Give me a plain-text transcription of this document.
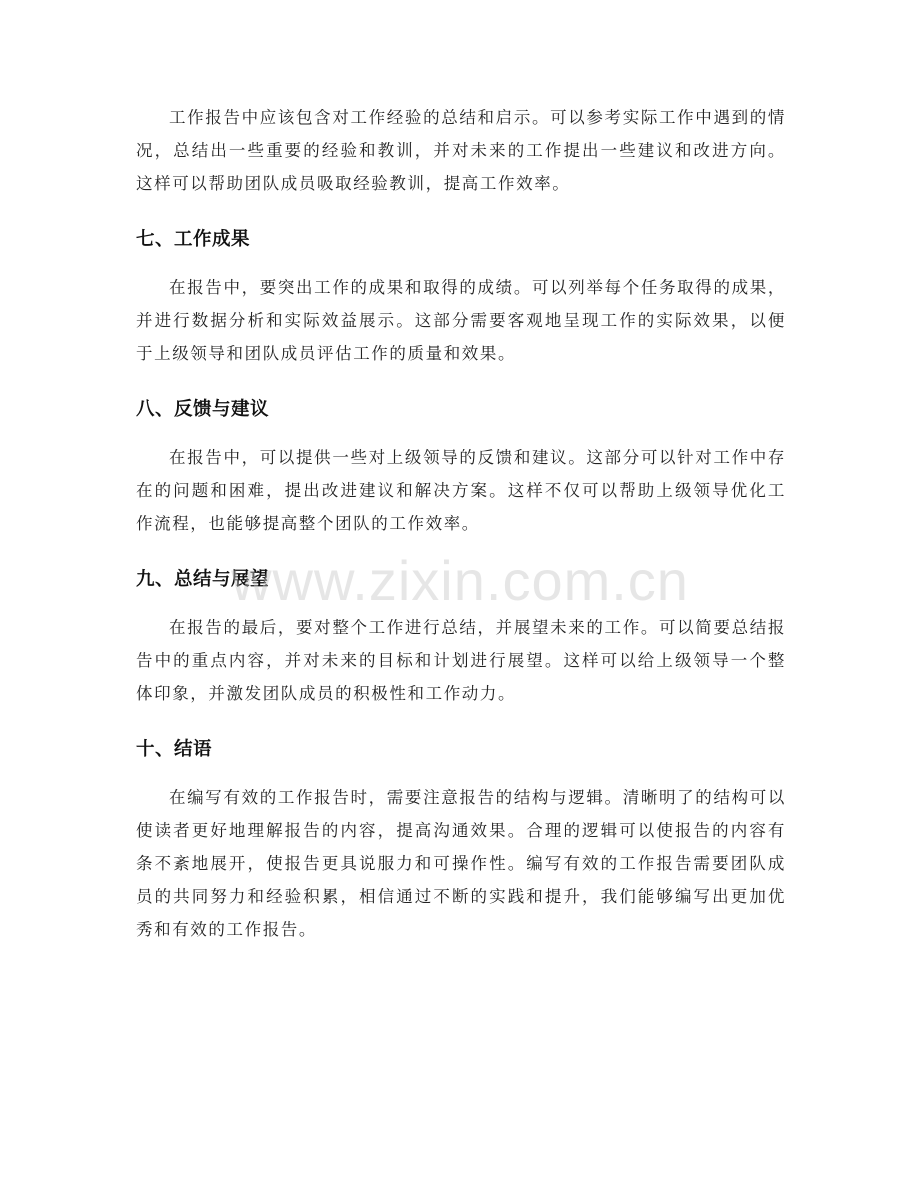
工作报告中应该包含对工作经验的总结和启示。可以参考实际工作中遇到的情况，总结出一些重要的经验和教训，并对未来的工作提出一些建议和改进方向。这样可以帮助团队成员吸取经验教训，提高工作效率。

七、工作成果

在报告中，要突出工作的成果和取得的成绩。可以列举每个任务取得的成果，并进行数据分析和实际效益展示。这部分需要客观地呈现工作的实际效果，以便于上级领导和团队成员评估工作的质量和效果。

八、反馈与建议

在报告中，可以提供一些对上级领导的反馈和建议。这部分可以针对工作中存在的问题和困难，提出改进建议和解决方案。这样不仅可以帮助上级领导优化工作流程，也能够提高整个团队的工作效率。

九、总结与展望

在报告的最后，要对整个工作进行总结，并展望未来的工作。可以简要总结报告中的重点内容，并对未来的目标和计划进行展望。这样可以给上级领导一个整体印象，并激发团队成员的积极性和工作动力。

十、结语

在编写有效的工作报告时，需要注意报告的结构与逻辑。清晰明了的结构可以使读者更好地理解报告的内容，提高沟通效果。合理的逻辑可以使报告的内容有条不紊地展开，使报告更具说服力和可操作性。编写有效的工作报告需要团队成员的共同努力和经验积累，相信通过不断的实践和提升，我们能够编写出更加优秀和有效的工作报告。

www.zixin.com.cn
